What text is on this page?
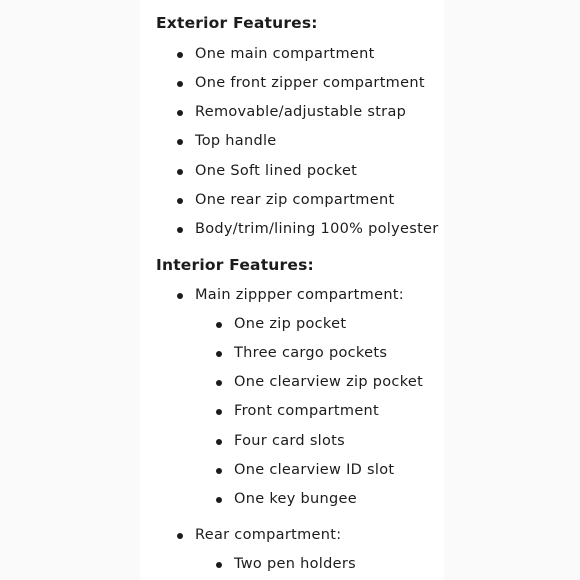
Exterior Features:
One main compartment
One front zipper compartment
Removable/adjustable strap
Top handle
One Soft lined pocket
One rear zip compartment
Body/trim/lining 100% polyester
Interior Features:
Main zippper compartment:
One zip pocket
Three cargo pockets
One clearview zip pocket
Front compartment
Four card slots
One clearview ID slot
One key bungee
Rear compartment:
Two pen holders
